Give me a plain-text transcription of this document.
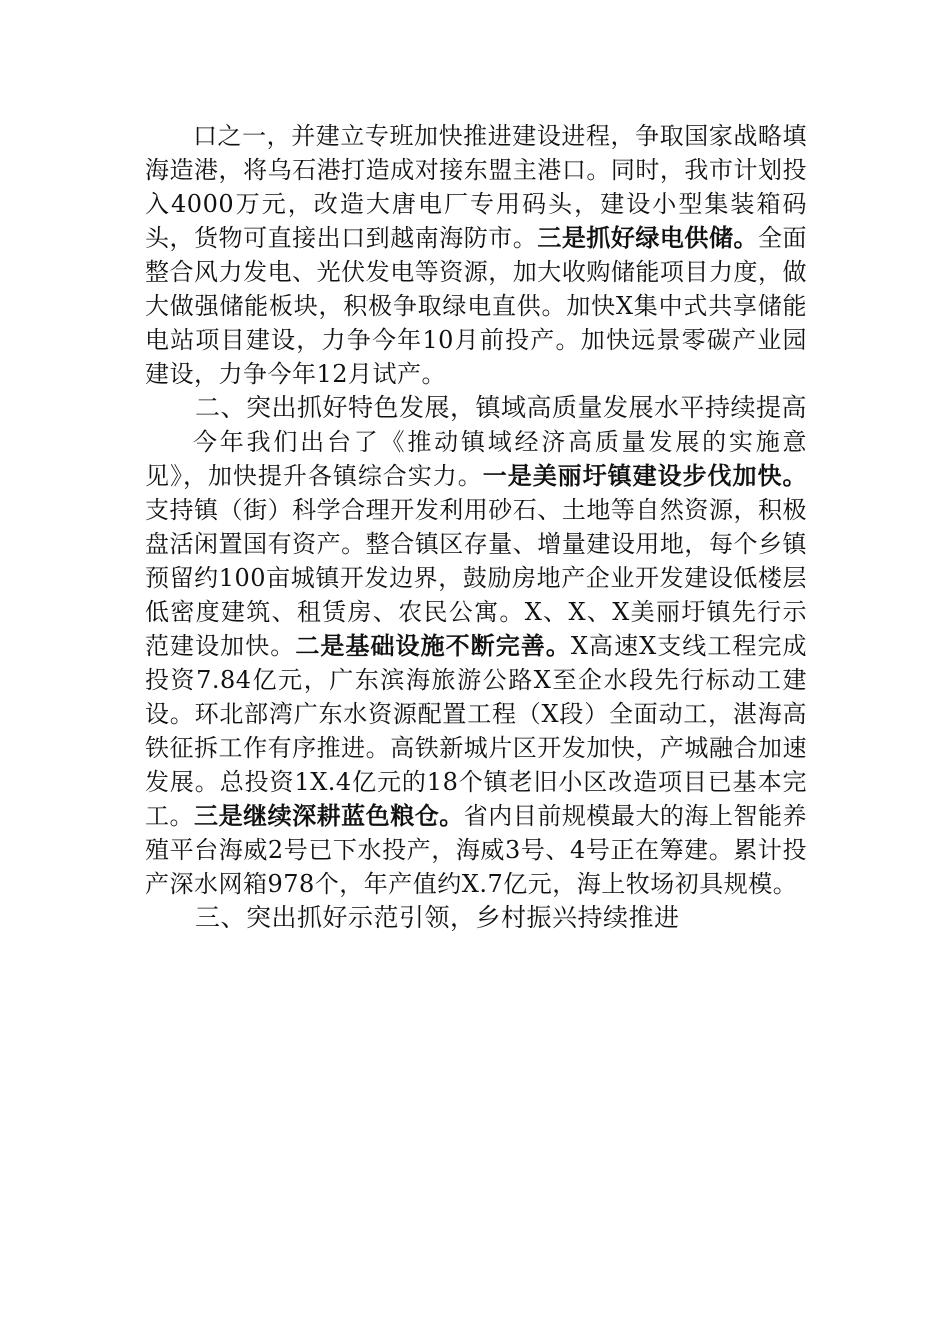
口之一，并建立专班加快推进建设进程，争取国家战略填海造港，将乌石港打造成对接东盟主港口。同时，我市计划投入4000万元，改造大唐电厂专用码头，建设小型集装箱码头，货物可直接出口到越南海防市。三是抓好绿电供储。全面整合风力发电、光伏发电等资源，加大收购储能项目力度，做大做强储能板块，积极争取绿电直供。加快X集中式共享储能电站项目建设，力争今年10月前投产。加快远景零碳产业园建设，力争今年12月试产。

二、突出抓好特色发展，镇域高质量发展水平持续提高

今年我们出台了《推动镇域经济高质量发展的实施意见》，加快提升各镇综合实力。一是美丽圩镇建设步伐加快。支持镇（街）科学合理开发利用砂石、土地等自然资源，积极盘活闲置国有资产。整合镇区存量、增量建设用地，每个乡镇预留约100亩城镇开发边界，鼓励房地产企业开发建设低楼层低密度建筑、租赁房、农民公寓。X、X、X美丽圩镇先行示范建设加快。二是基础设施不断完善。X高速X支线工程完成投资7.84亿元，广东滨海旅游公路X至企水段先行标动工建设。环北部湾广东水资源配置工程（X段）全面动工，湛海高铁征拆工作有序推进。高铁新城片区开发加快，产城融合加速发展。总投资1X.4亿元的18个镇老旧小区改造项目已基本完工。三是继续深耕蓝色粮仓。省内目前规模最大的海上智能养殖平台海威2号已下水投产，海威3号、4号正在筹建。累计投产深水网箱978个，年产值约X.7亿元，海上牧场初具规模。

三、突出抓好示范引领，乡村振兴持续推进
